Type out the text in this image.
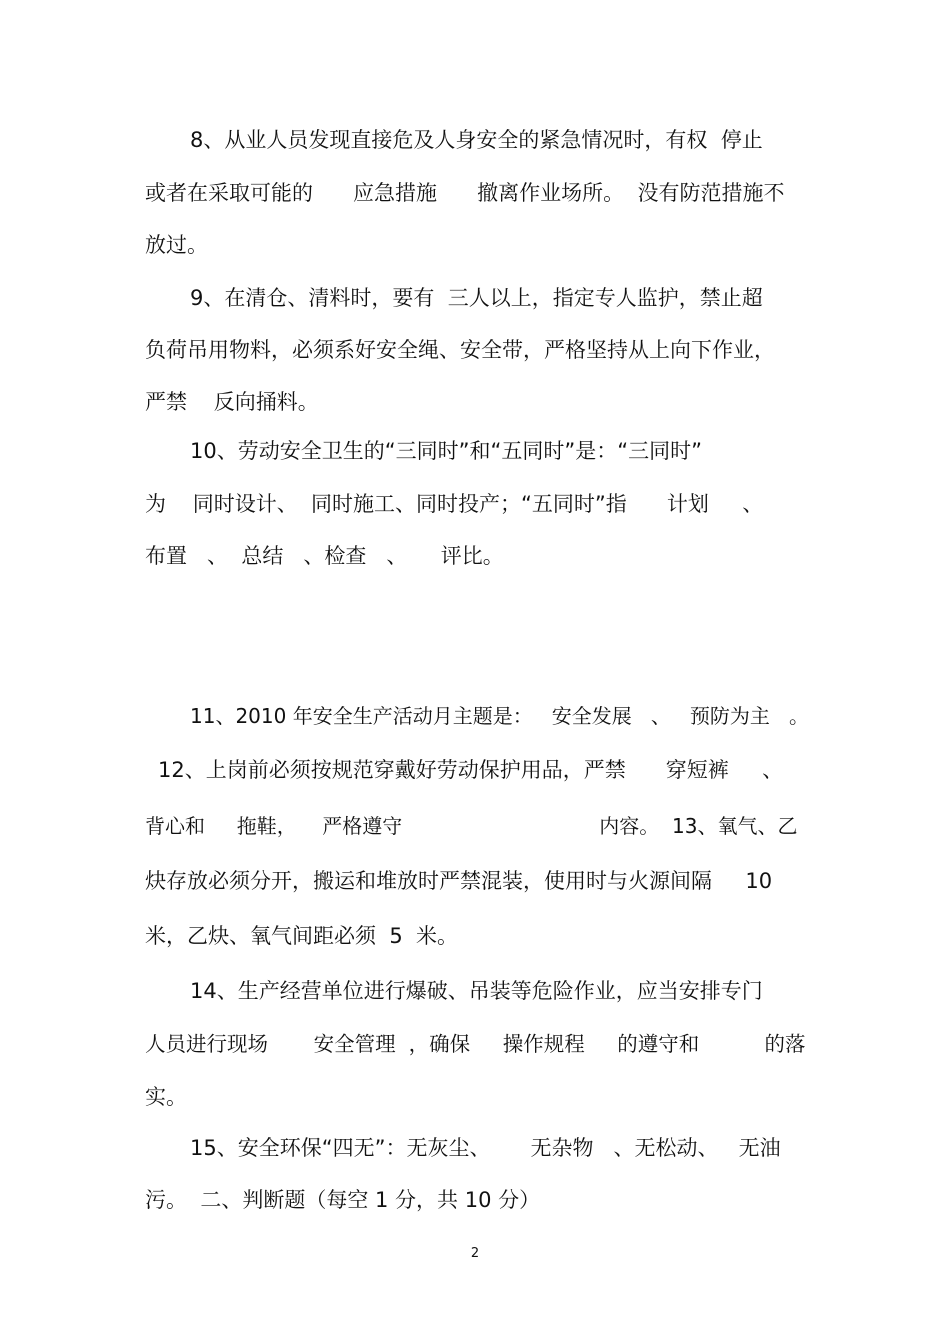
8、从业人员发现直接危及人身安全的紧急情况时，有权  停止
或者在采取可能的      应急措施      撤离作业场所。  没有防范措施不
放过。
9、在清仓、清料时，要有  三人以上，指定专人监护，禁止超
负荷吊用物料，必须系好安全绳、安全带，严格坚持从上向下作业，
严禁    反向捅料。
10、劳动安全卫生的“三同时”和“五同时”是：“三同时”
为    同时设计、  同时施工、同时投产；“五同时”指      计划     、
布置   、  总结   、检查   、     评比。
11、2010 年安全生产活动月主题是：   安全发展   、   预防为主   。
12、上岗前必须按规范穿戴好劳动保护用品，严禁      穿短裤     、
背心和     拖鞋，    严格遵守                               内容。  13、氧气、乙
炔存放必须分开，搬运和堆放时严禁混装，使用时与火源间隔     10
米，乙炔、氧气间距必须  5  米。
14、生产经营单位进行爆破、吊装等危险作业，应当安排专门
人员进行现场       安全管理  ，确保     操作规程     的遵守和          的落
实。
15、安全环保“四无”：无灰尘、      无杂物   、无松动、   无油
污。  二、判断题（每空 1 分，共 10 分）
2
